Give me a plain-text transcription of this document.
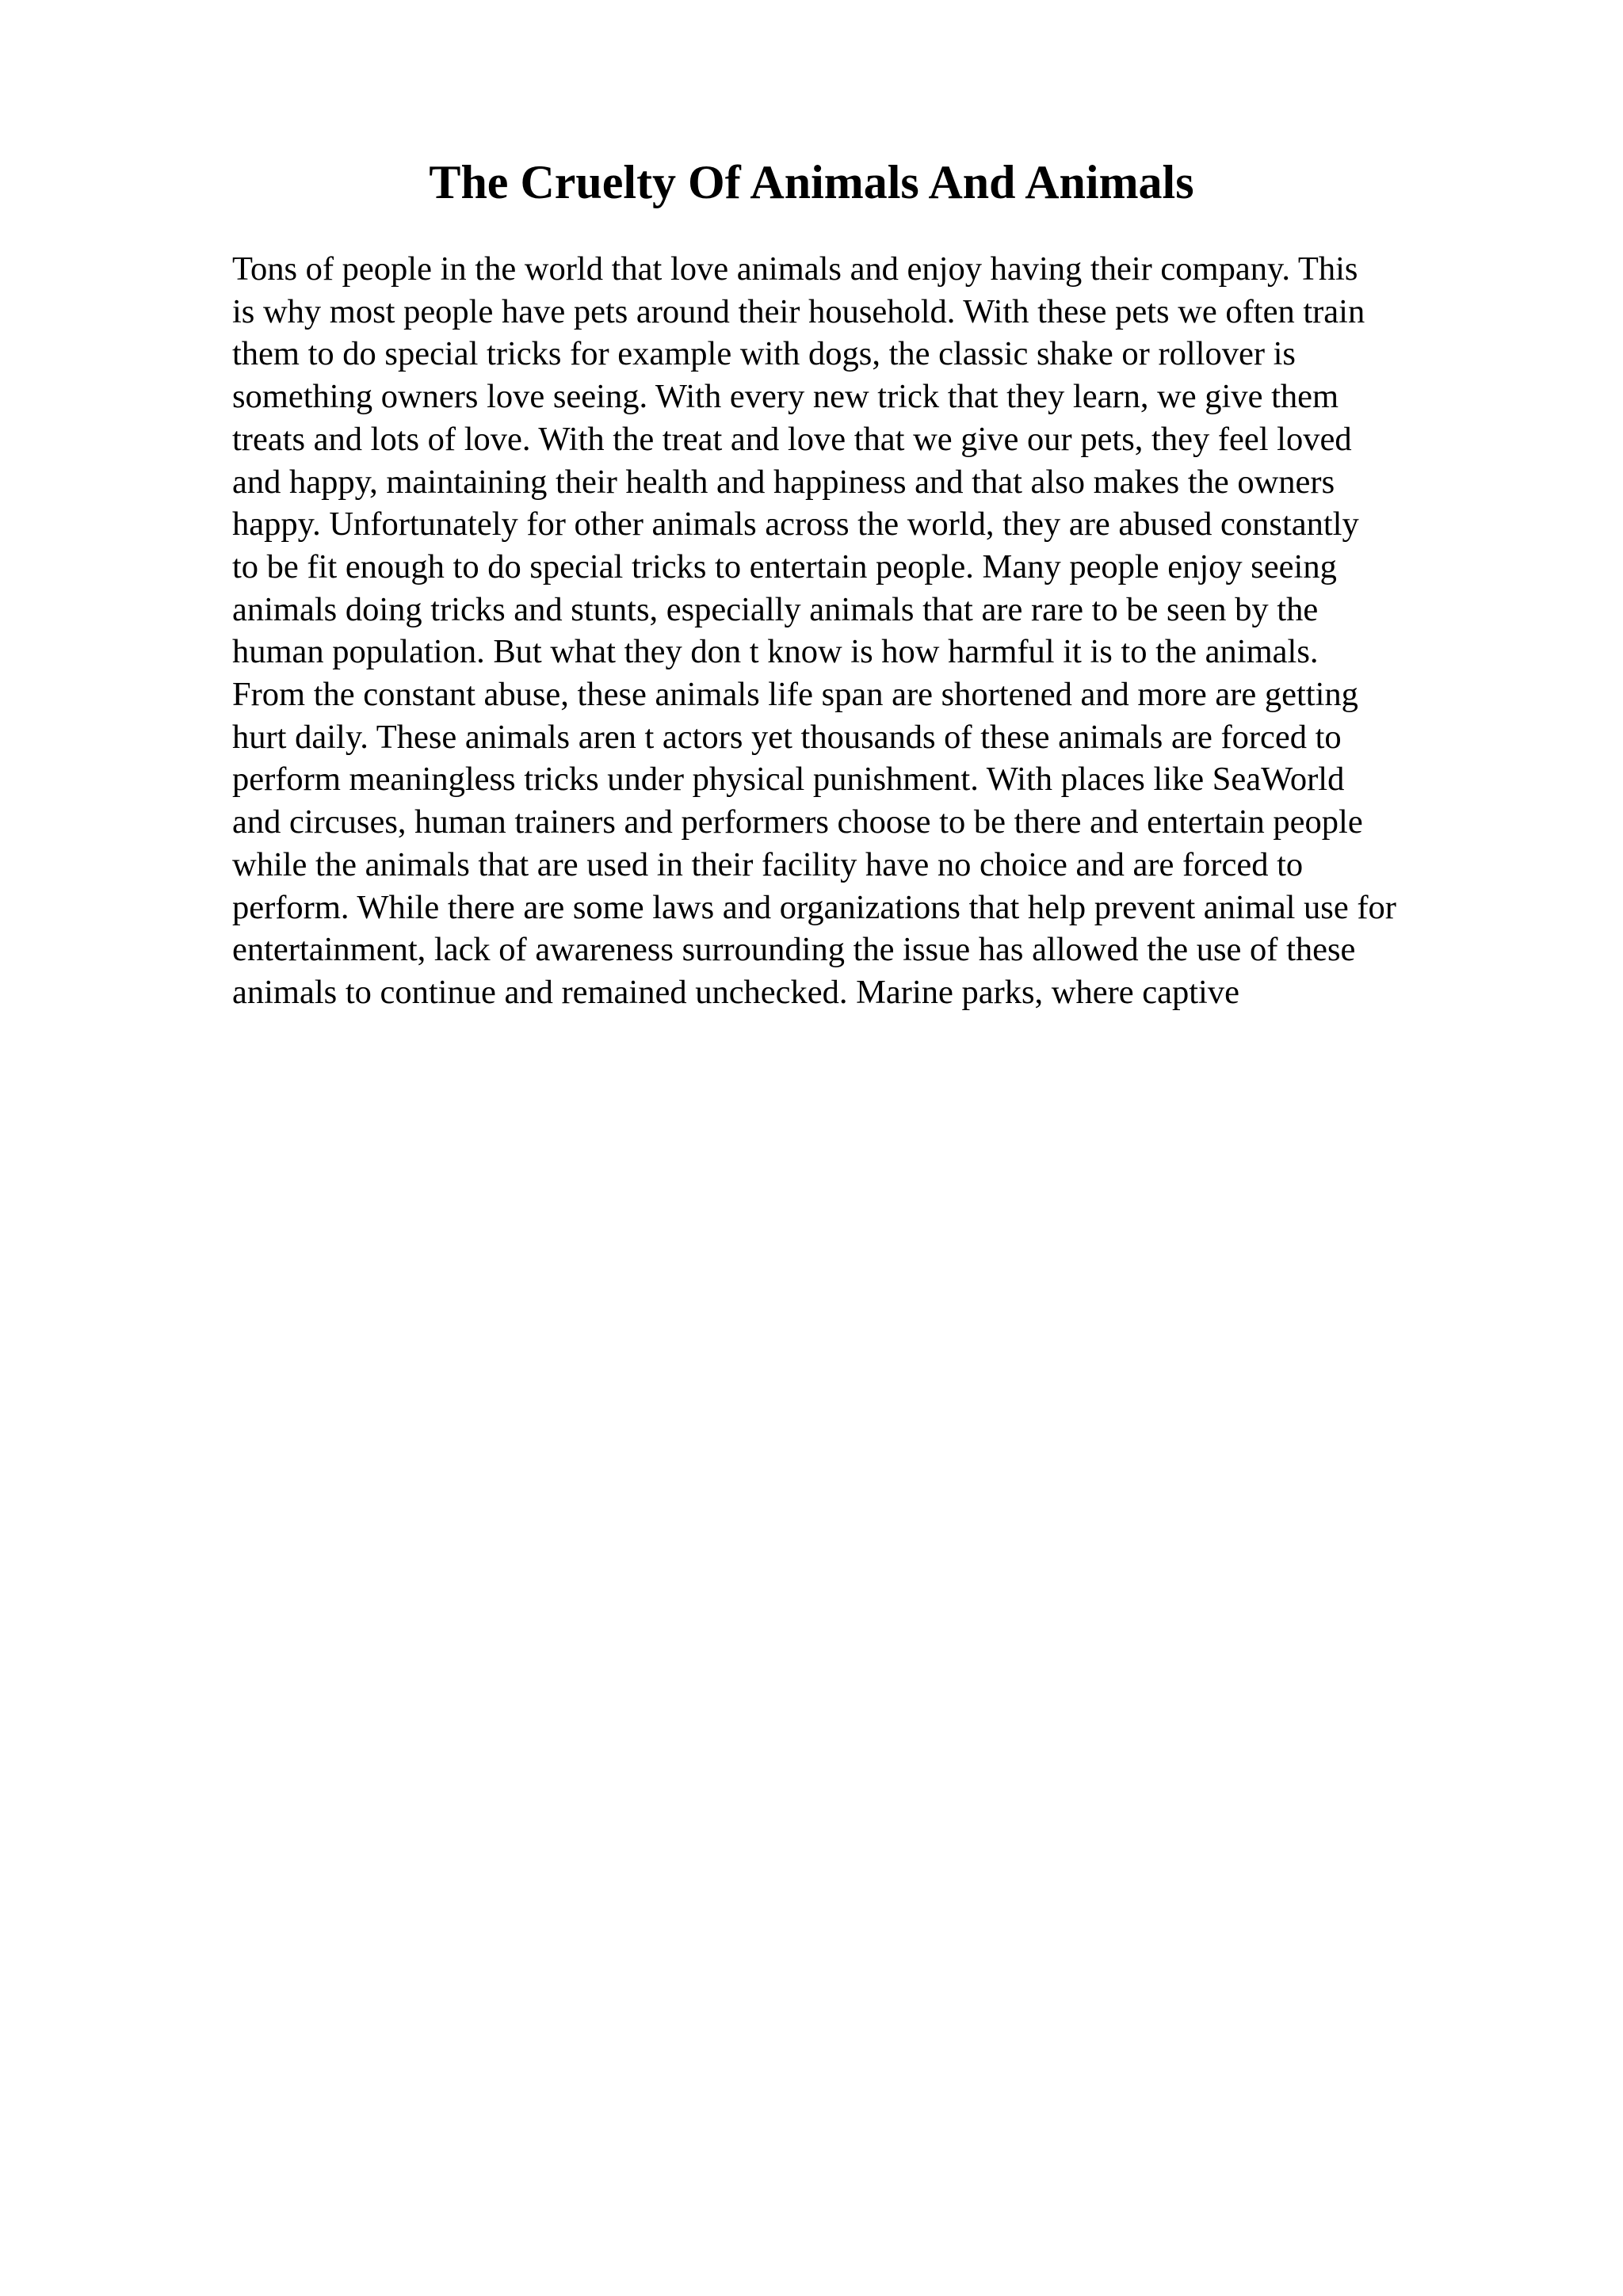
The Cruelty Of Animals And Animals
Tons of people in the world that love animals and enjoy having their company. This
is why most people have pets around their household. With these pets we often train
them to do special tricks for example with dogs, the classic shake or rollover is
something owners love seeing. With every new trick that they learn, we give them
treats and lots of love. With the treat and love that we give our pets, they feel loved
and happy, maintaining their health and happiness and that also makes the owners
happy. Unfortunately for other animals across the world, they are abused constantly
to be fit enough to do special tricks to entertain people. Many people enjoy seeing
animals doing tricks and stunts, especially animals that are rare to be seen by the
human population. But what they don t know is how harmful it is to the animals.
From the constant abuse, these animals life span are shortened and more are getting
hurt daily. These animals aren t actors yet thousands of these animals are forced to
perform meaningless tricks under physical punishment. With places like SeaWorld
and circuses, human trainers and performers choose to be there and entertain people
while the animals that are used in their facility have no choice and are forced to
perform. While there are some laws and organizations that help prevent animal use for
entertainment, lack of awareness surrounding the issue has allowed the use of these
animals to continue and remained unchecked. Marine parks, where captive
